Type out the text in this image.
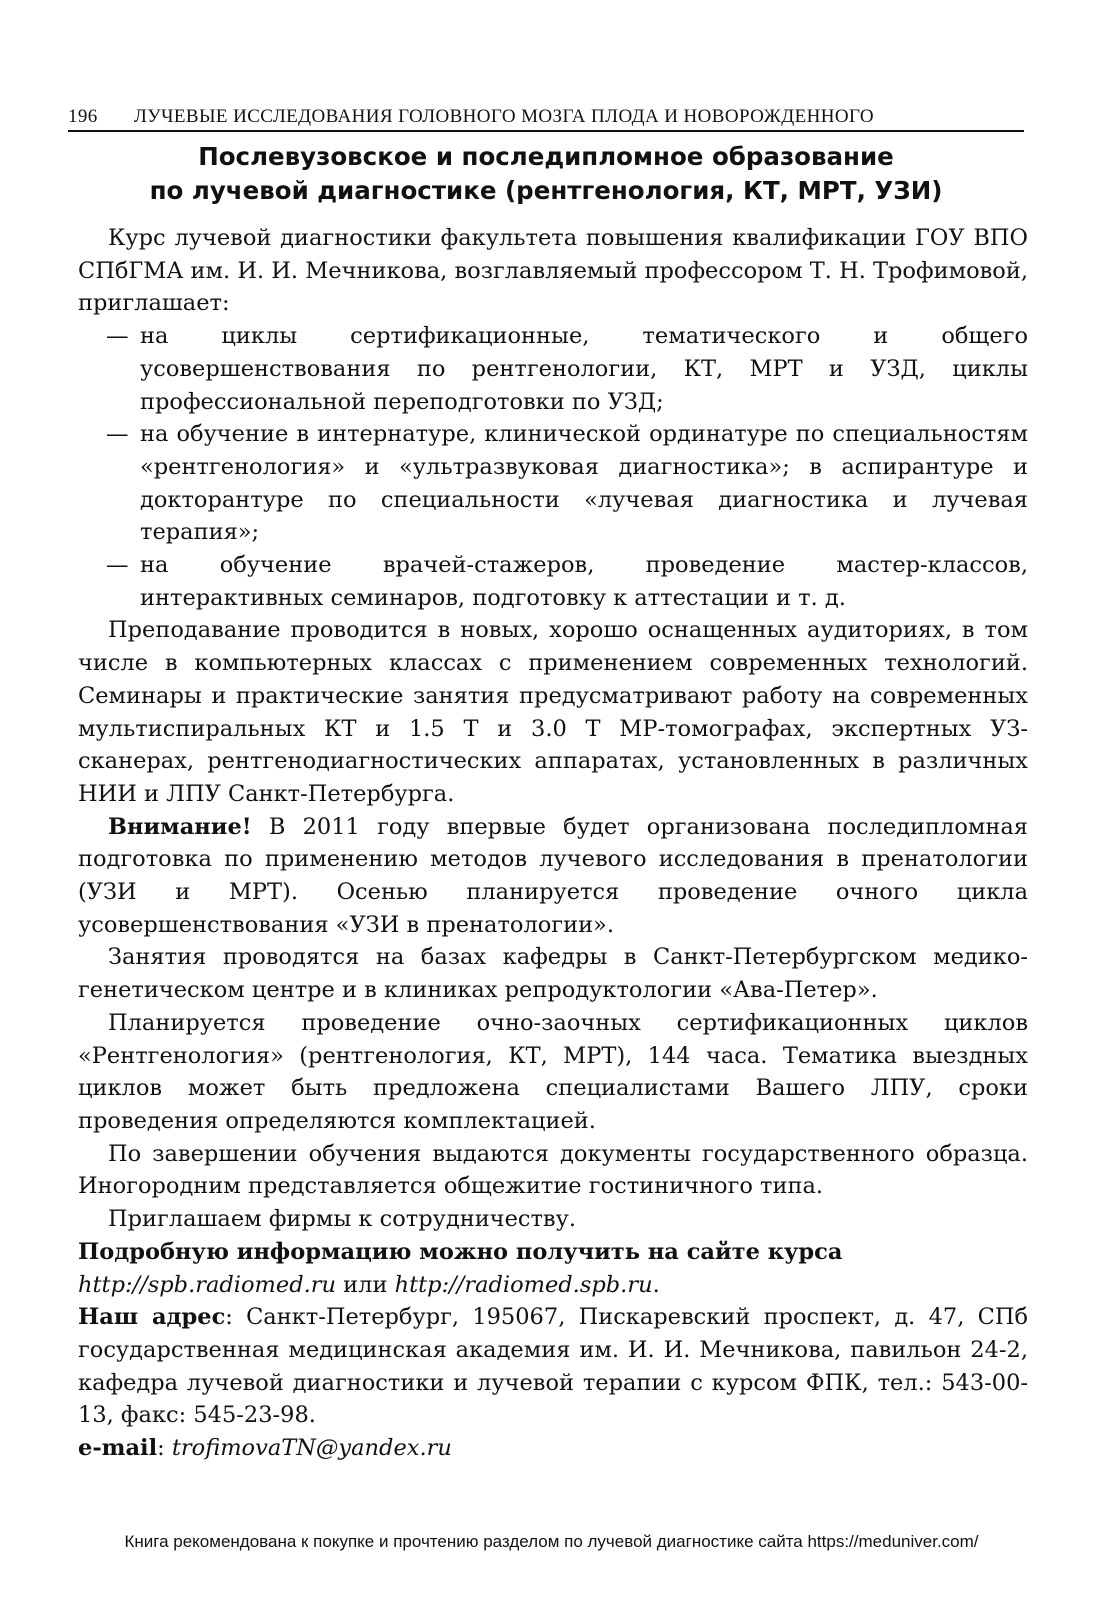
196 ЛУЧЕВЫЕ ИССЛЕДОВАНИЯ ГОЛОВНОГО МОЗГА ПЛОДА И НОВОРОЖДЕННОГО
Послевузовское и последипломное образование
по лучевой диагностике (рентгенология, КТ, МРТ, УЗИ)

Курс лучевой диагностики факультета повышения квалификации ГОУ ВПО СПбГМА им. И. И. Мечникова, возглавляемый профессором Т. Н. Трофимовой, приглашает:

— на циклы сертификационные, тематического и общего усовершенствования по рентгенологии, КТ, МРТ и УЗД, циклы профессиональной переподготовки по УЗД;
— на обучение в интернатуре, клинической ординатуре по специальностям «рентгенология» и «ультразвуковая диагностика»; в аспирантуре и докторантуре по специальности «лучевая диагностика и лучевая терапия»;
— на обучение врачей-стажеров, проведение мастер-классов, интерактивных семинаров, подготовку к аттестации и т. д.

Преподавание проводится в новых, хорошо оснащенных аудиториях, в том числе в компьютерных классах с применением современных технологий. Семинары и практические занятия предусматривают работу на современных мультиспиральных КТ и 1.5 Т и 3.0 Т МР-томографах, экспертных УЗ-сканерах, рентгенодиагностических аппаратах, установленных в различных НИИ и ЛПУ Санкт-Петербурга.

Внимание! В 2011 году впервые будет организована последипломная подготовка по применению методов лучевого исследования в пренатологии (УЗИ и МРТ). Осенью планируется проведение очного цикла усовершенствования «УЗИ в пренатологии».

Занятия проводятся на базах кафедры в Санкт-Петербургском медико-генетическом центре и в клиниках репродуктологии «Ава-Петер».

Планируется проведение очно-заочных сертификационных циклов «Рентгенология» (рентгенология, КТ, МРТ), 144 часа. Тематика выездных циклов может быть предложена специалистами Вашего ЛПУ, сроки проведения определяются комплектацией.

По завершении обучения выдаются документы государственного образца. Иногородним представляется общежитие гостиничного типа.

Приглашаем фирмы к сотрудничеству.

Подробную информацию можно получить на сайте курса

http://spb.radiomed.ru или http://radiomed.spb.ru.

Наш адрес: Санкт-Петербург, 195067, Пискаревский проспект, д. 47, СПб государственная медицинская академия им. И. И. Мечникова, павильон 24-2, кафедра лучевой диагностики и лучевой терапии с курсом ФПК, тел.: 543-00-13, факс: 545-23-98.

e-mail: trofimovaTN@yandex.ru

Книга рекомендована к покупке и прочтению разделом по лучевой диагностике сайта https://meduniver.com/
